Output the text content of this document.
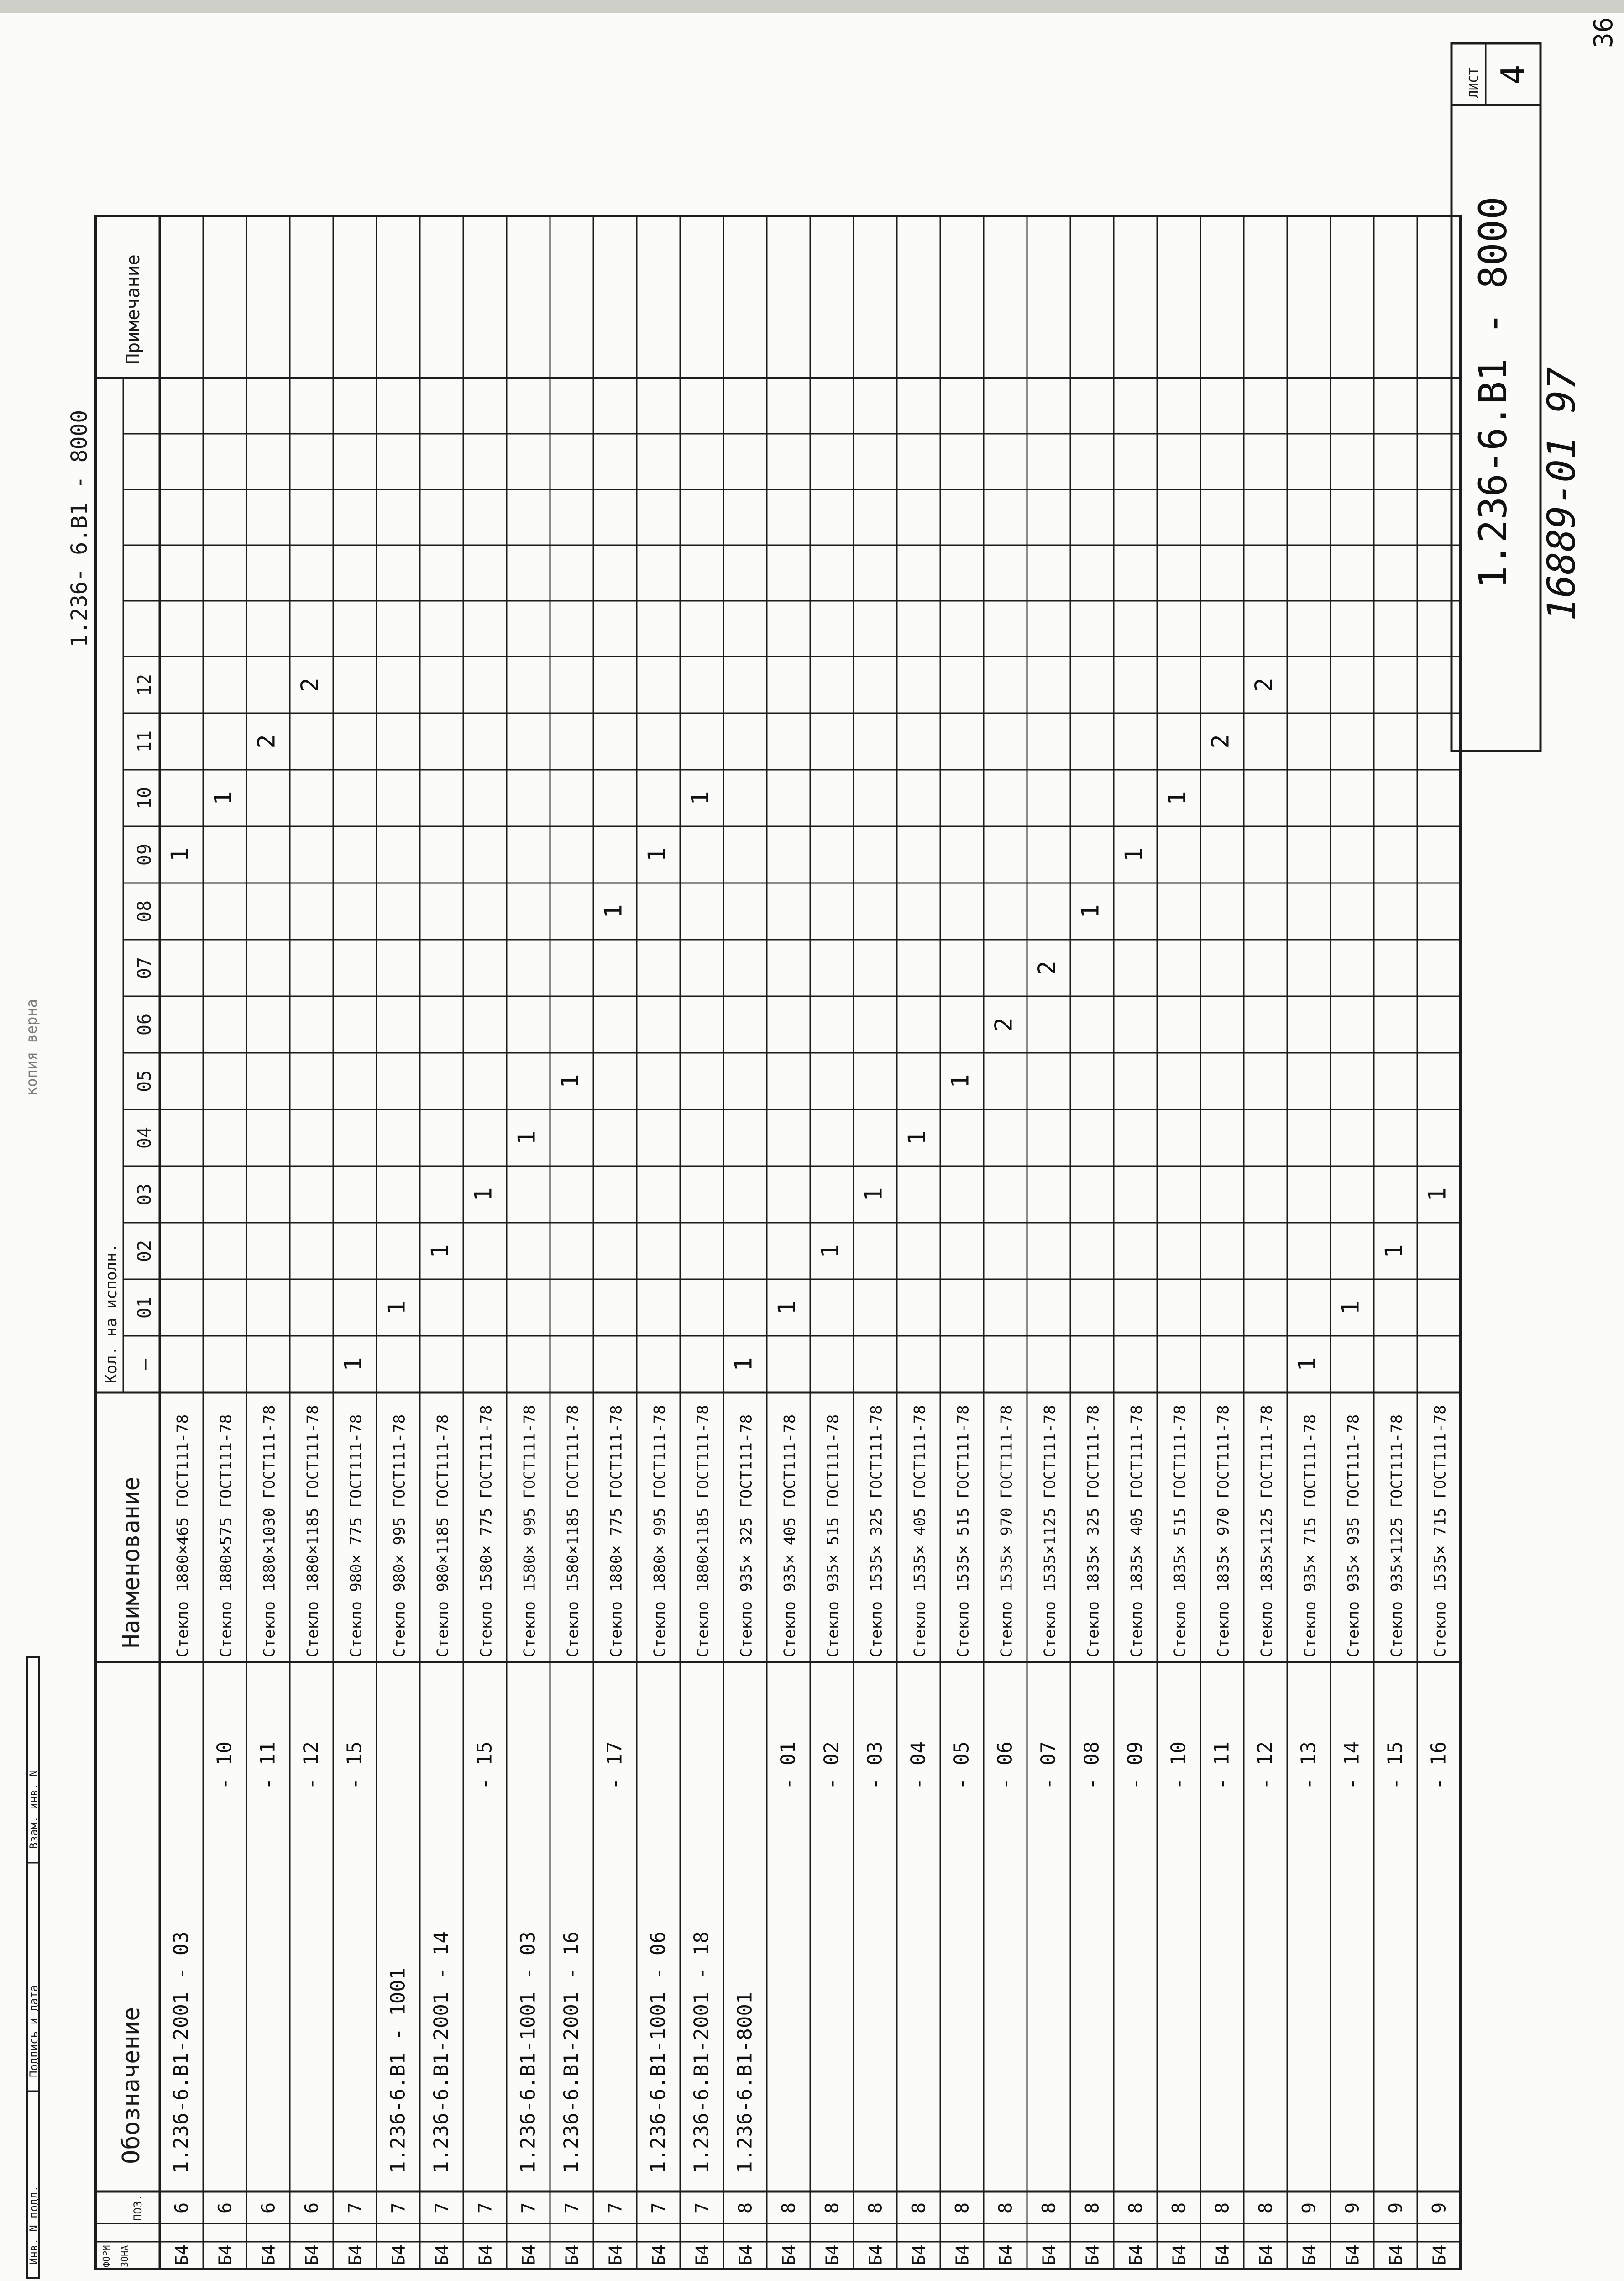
36
копия верна
Б4
6
1.236-6.В1-2001 - 03
Стекло 1880×465 ГОСТ111-78
1
Б4
6
- 10
Стекло 1880×575 ГОСТ111-78
1
Б4
6
- 11
Стекло 1880×1030 ГОСТ111-78
2
Б4
6
- 12
Стекло 1880×1185 ГОСТ111-78
2
Б4
7
- 15
Стекло 980× 775 ГОСТ111-78
1
Б4
7
1.236-6.В1 - 1001
Стекло 980× 995 ГОСТ111-78
1
Б4
7
1.236-6.В1-2001 - 14
Стекло 980×1185 ГОСТ111-78
1
Б4
7
- 15
Стекло 1580× 775 ГОСТ111-78
1
Б4
7
1.236-6.В1-1001 - 03
Стекло 1580× 995 ГОСТ111-78
1
Б4
7
1.236-6.В1-2001 - 16
Стекло 1580×1185 ГОСТ111-78
1
Б4
7
- 17
Стекло 1880× 775 ГОСТ111-78
1
Б4
7
1.236-6.В1-1001 - 06
Стекло 1880× 995 ГОСТ111-78
1
Б4
7
1.236-6.В1-2001 - 18
Стекло 1880×1185 ГОСТ111-78
1
Б4
8
1.236-6.В1-8001
Стекло 935× 325 ГОСТ111-78
1
Б4
8
- 01
Стекло 935× 405 ГОСТ111-78
1
Б4
8
- 02
Стекло 935× 515 ГОСТ111-78
1
Б4
8
- 03
Стекло 1535× 325 ГОСТ111-78
1
Б4
8
- 04
Стекло 1535× 405 ГОСТ111-78
1
Б4
8
- 05
Стекло 1535× 515 ГОСТ111-78
1
Б4
8
- 06
Стекло 1535× 970 ГОСТ111-78
2
Б4
8
- 07
Стекло 1535×1125 ГОСТ111-78
2
Б4
8
- 08
Стекло 1835× 325 ГОСТ111-78
1
Б4
8
- 09
Стекло 1835× 405 ГОСТ111-78
1
Б4
8
- 10
Стекло 1835× 515 ГОСТ111-78
1
Б4
8
- 11
Стекло 1835× 970 ГОСТ111-78
2
Б4
8
- 12
Стекло 1835×1125 ГОСТ111-78
2
Б4
9
- 13
Стекло 935× 715 ГОСТ111-78
1
Б4
9
- 14
Стекло 935× 935 ГОСТ111-78
1
Б4
9
- 15
Стекло 935×1125 ГОСТ111-78
1
Б4
9
- 16
Стекло 1535× 715 ГОСТ111-78
1
ФОРМ ЗОНА
ПОЗ.
Обозначение
Наименование
Кол. на исполн.
Примечание
1.236- 6.В1 - 8000
—
01
02
03
04
05
06
07
08
09
10
11
12
Инв. N подл.
Подпись и дата
Взам. инв. N
ЛИСТ 4
1.236-6.В1 - 8000 16889-01 97
